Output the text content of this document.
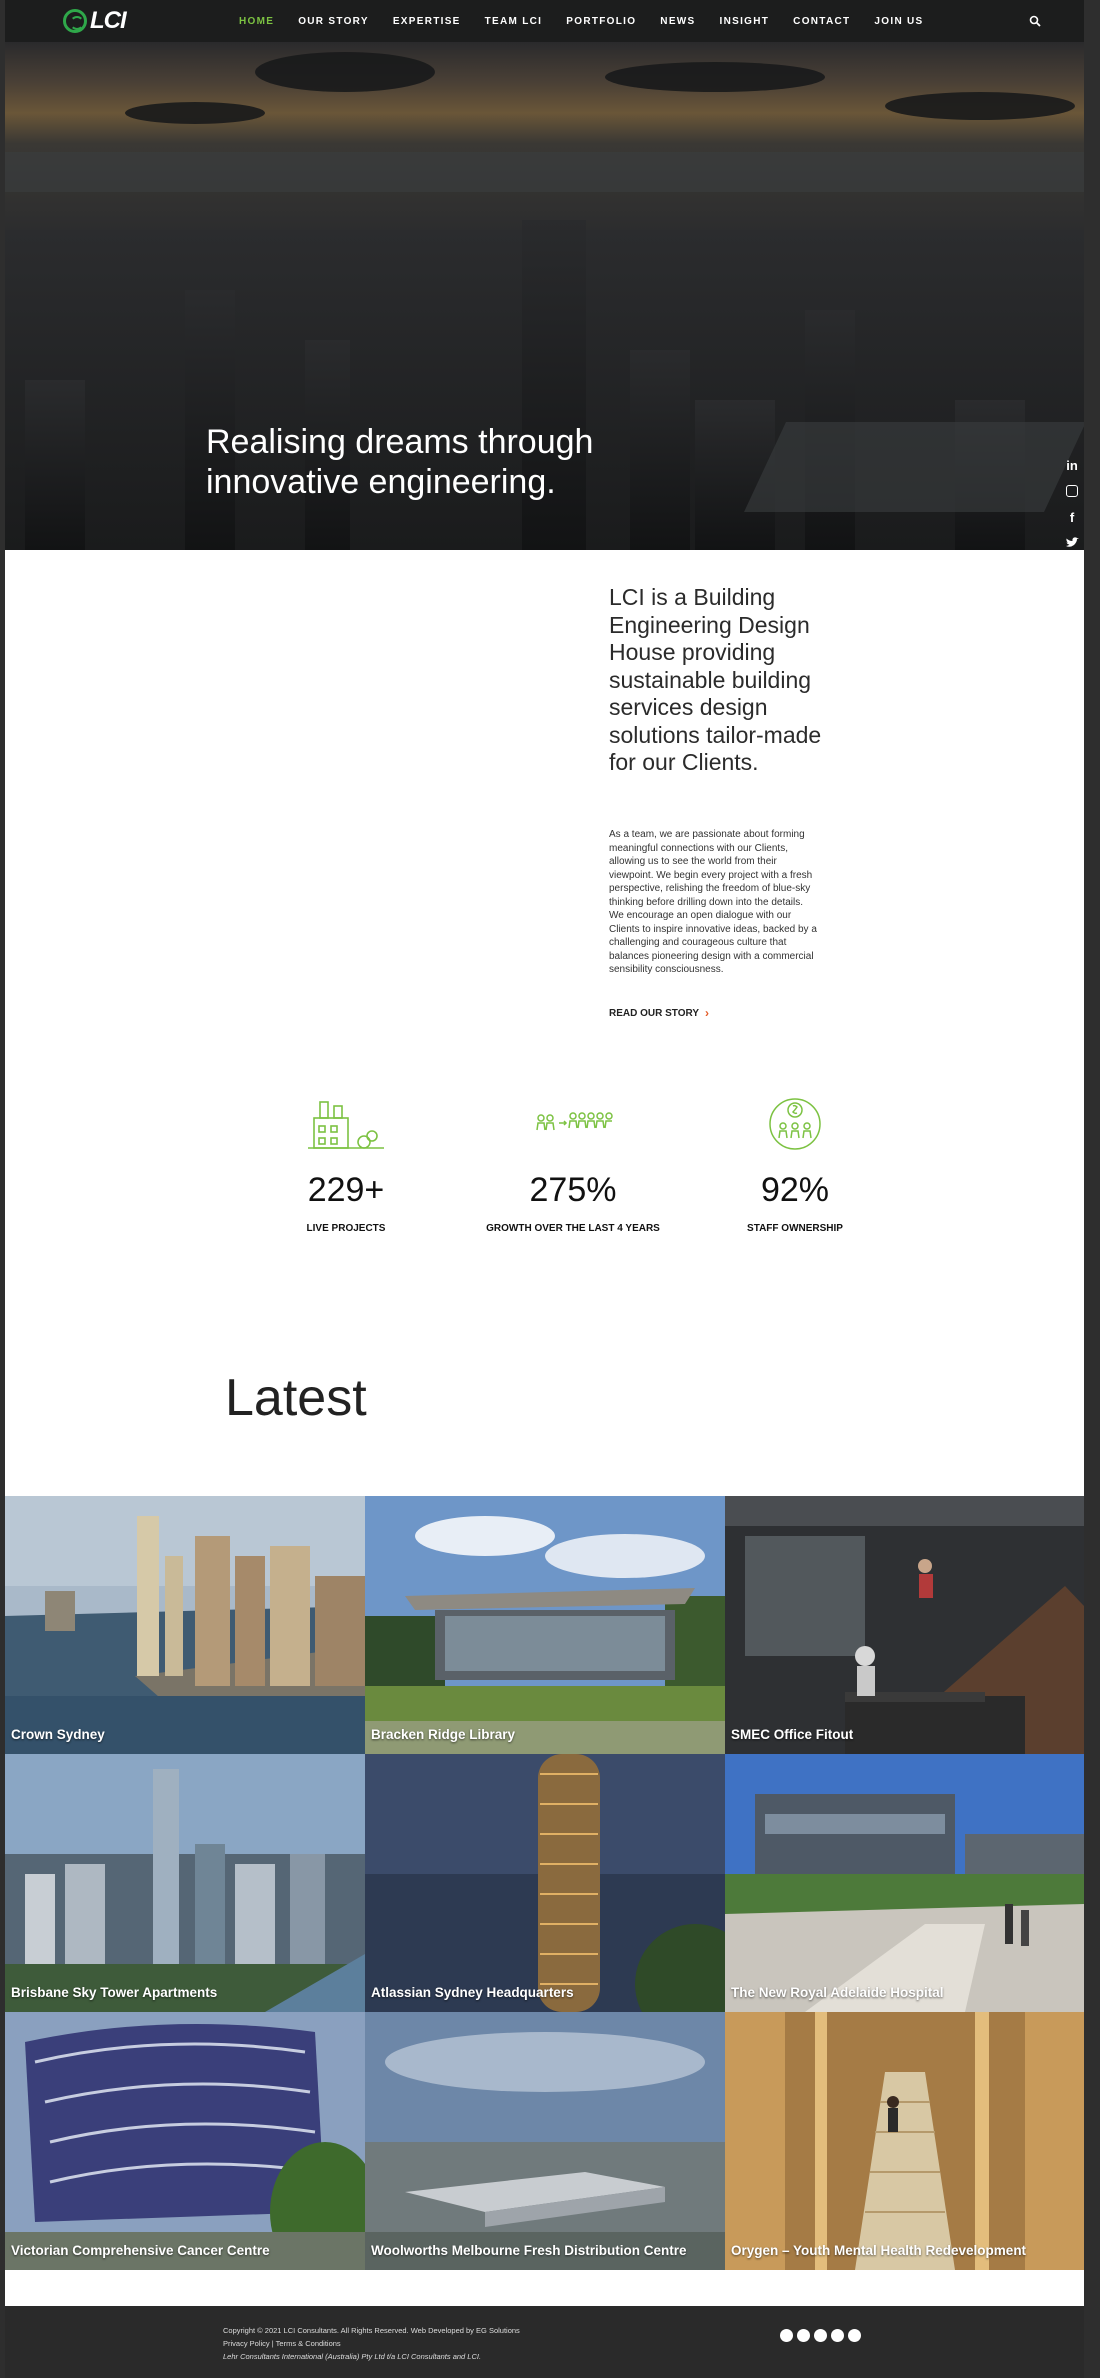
LCI	HOME OUR STORY EXPERTISE TEAM LCI PORTFOLIO NEWS INSIGHT CONTACT JOIN US
Realising dreams through
innovative engineering.	in
f
LCI is a Building Engineering Design House providing sustainable building services design solutions tailor-made for our Clients.
As a team, we are passionate about forming meaningful connections with our Clients, allowing us to see the world from their viewpoint. We begin every project with a fresh perspective, relishing the freedom of blue-sky thinking before drilling down into the details. We encourage an open dialogue with our Clients to inspire innovative ideas, backed by a challenging and courageous culture that balances pioneering design with a commercial sensibility consciousness.
READ OUR STORY ›
229+
LIVE PROJECTS
275%
GROWTH OVER THE LAST 4 YEARS
92%
STAFF OWNERSHIP
Latest
Crown Sydney	Bracken Ridge Library	SMEC Office Fitout
Brisbane Sky Tower Apartments	Atlassian Sydney Headquarters	The New Royal Adelaide Hospital
Victorian Comprehensive Cancer Centre	Woolworths Melbourne Fresh Distribution Centre	Orygen – Youth Mental Health Redevelopment
Copyright © 2021 LCI Consultants. All Rights Reserved. Web Developed by EG Solutions
Privacy Policy | Terms & Conditions
Lehr Consultants International (Australia) Pty Ltd t/a LCI Consultants and LCI.
